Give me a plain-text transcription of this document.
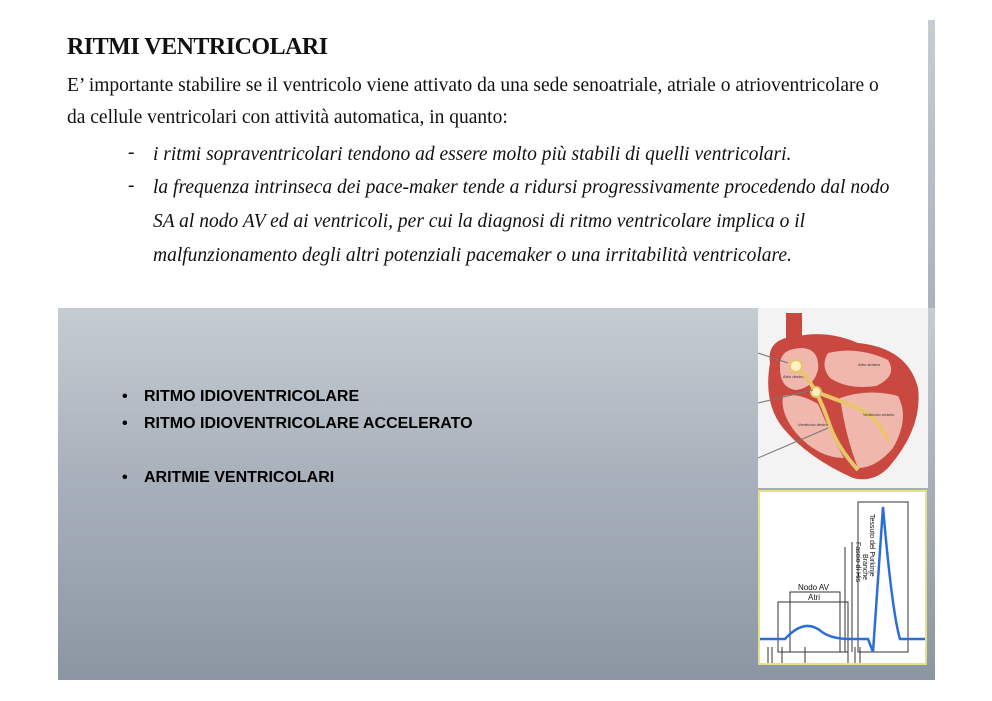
RITMI VENTRICOLARI
E’ importante stabilire se il ventricolo viene attivato da una sede senoatriale, atriale o atrioventricolare o
da cellule ventricolari con attività automatica, in quanto:
- i ritmi sopraventricolari tendono ad essere molto più stabili di quelli ventricolari.
- la frequenza intrinseca dei pace-maker tende a ridursi progressivamente procedendo dal nodo
SA al nodo AV ed ai ventricoli, per cui la diagnosi di ritmo ventricolare implica o il
malfunzionamento degli altri potenziali pacemaker o una irritabilità ventricolare.
• RITMO IDIOVENTRICOLARE
• RITMO IDIOVENTRICOLARE ACCELERATO
• ARITMIE VENTRICOLARI
Atrio sinistro
Atrio destro
Ventricolo sinistro
Ventricolo destro
Atri
Nodo AV
Fascio di His Branche Tessuto del Purkinje
